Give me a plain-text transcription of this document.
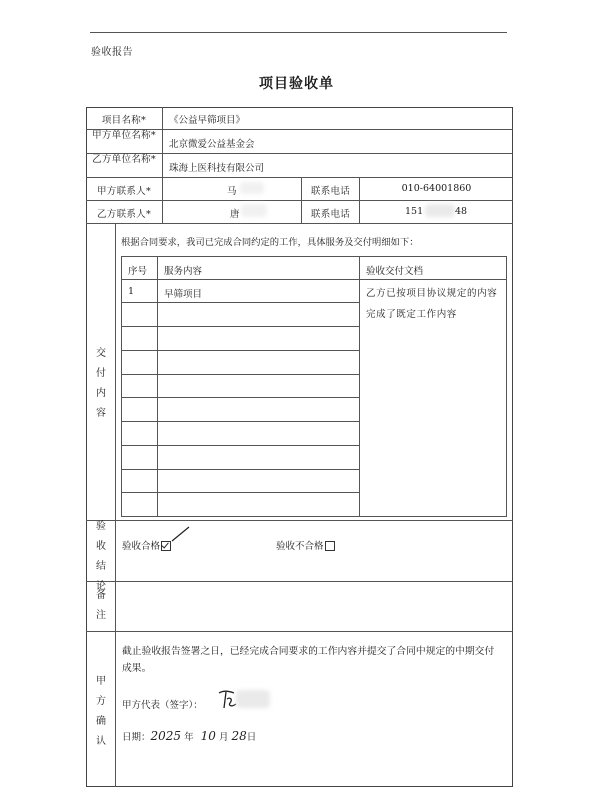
验收报告
项目验收单
项目名称*	《公益早筛项目》
甲方单位名称*
北京微爱公益基金会
乙方单位名称*
珠海上医科技有限公司
甲方联系人*	马	联系电话	010-64001860
乙方联系人*	唐	联系电话	151	48
交
付
内
容
根据合同要求，我司已完成合同约定的工作，具体服务及交付明细如下：
序号 服务内容	验收交付文档
1	早筛项目	乙方已按项目协议规定的内容完成了既定工作内容
验
收
结
论
验收合格	验收不合格
备
注
甲
方
确
认
截止验收报告签署之日，已经完成合同要求的工作内容并提交了合同中规定的中期交付成果。
甲方代表（签字）：
日期：2025 年 10 月 28日
